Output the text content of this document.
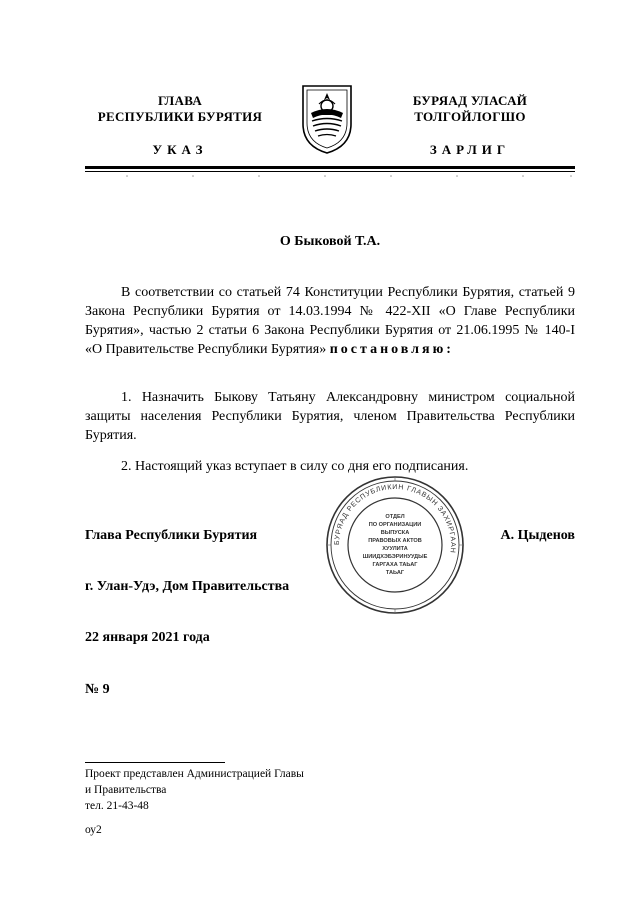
ГЛАВА
РЕСПУБЛИКИ БУРЯТИЯ
УКАЗ
БУРЯАД УЛАСАЙ
ТОЛГОЙЛОГШО
ЗАРЛИГ
О Быковой Т.А.
В соответствии со статьей 74 Конституции Республики Бурятия, статьей 9 Закона Республики Бурятия от 14.03.1994 № 422-XII «О Главе Республики Бурятия», частью 2 статьи 6 Закона Республики Бурятия от 21.06.1995 № 140-I «О Правительстве Республики Бурятия» постановляю:
1. Назначить Быкову Татьяну Александровну министром социальной защиты населения Республики Бурятия, членом Правительства Республики Бурятия.
2. Настоящий указ вступает в силу со дня его подписания.
БУРЯАД РЕСПУБЛИКИН ГЛАВЫН ЗАХИРГААН
ОТДЕЛ
ПО ОРГАНИЗАЦИИ
ВЫПУСКА
ПРАВОВЫХ АКТОВ
ХУУЛИТА
ШИИДХЭБЭРИНУУДЫЕ
ГАРГАХА ТАЬАГ
ТАЬАГ
Глава Республики Бурятия	А. Цыденов
г. Улан-Удэ, Дом Правительства
22 января 2021 года
№ 9
Проект представлен Администрацией Главы
и Правительства
тел. 21-43-48
оу2
